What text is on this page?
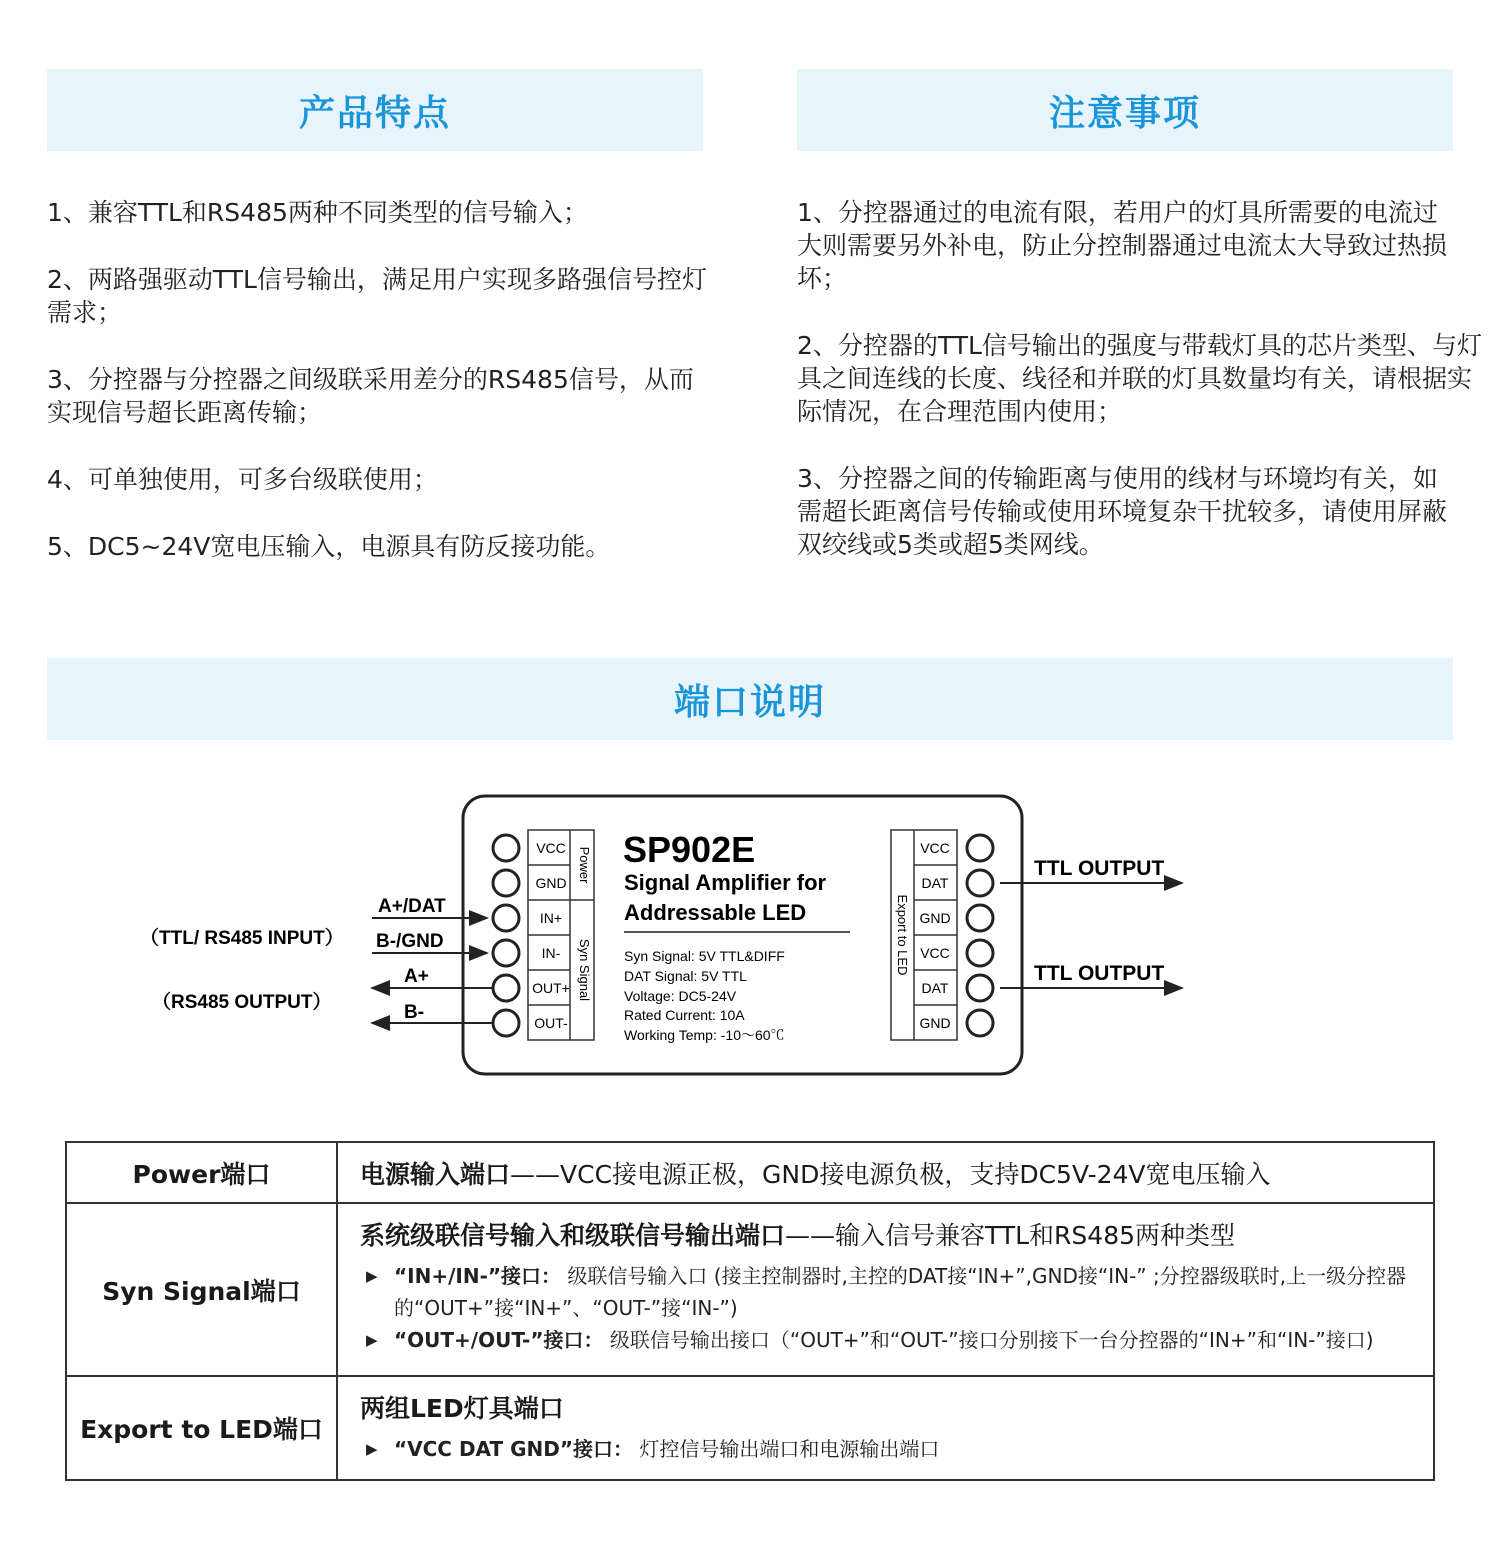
产品特点	注意事项

1、兼容TTL和RS485两种不同类型的信号输入；

2、两路强驱动TTL信号输出，满足用户实现多路强信号控灯需求；

3、分控器与分控器之间级联采用差分的RS485信号，从而实现信号超长距离传输；

4、可单独使用，可多台级联使用；

5、DC5~24V宽电压输入，电源具有防反接功能。

1、分控器通过的电流有限，若用户的灯具所需要的电流过大则需要另外补电，防止分控制器通过电流太大导致过热损坏；

2、分控器的TTL信号输出的强度与带载灯具的芯片类型、与灯具之间连线的长度、线径和并联的灯具数量均有关，请根据实际情况，在合理范围内使用；

3、分控器之间的传输距离与使用的线材与环境均有关，如需超长距离信号传输或使用环境复杂干扰较多，请使用屏蔽双绞线或5类或超5类网线。

端口说明
VCC
GND
IN+
IN-
OUT+
OUT-
Power
Syn Signal
VCC
DAT
GND
VCC
DAT
GND
Export to LED
SP902E
Signal Amplifier for
Addressable LED
Syn Signal: 5V TTL&DIFF
DAT Signal: 5V TTL
Voltage: DC5-24V
Rated Current: 10A
Working Temp: -10～60℃
A+/DAT
B-/GND
A+
B-
（TTL/ RS485 INPUT）
（RS485 OUTPUT）
TTL OUTPUT
TTL OUTPUT
Power端口	电源输入端口——VCC接电源正极，GND接电源负极，支持DC5V-24V宽电压输入

Syn Signal端口	系统级联信号输入和级联信号输出端口——输入信号兼容TTL和RS485两种类型
▶ “IN+/IN-”接口： 级联信号输入口 (接主控制器时,主控的DAT接“IN+”,GND接“IN-” ;分控器级联时,上一级分控器的“OUT+”接“IN+”、“OUT-”接“IN-”)
▶ “OUT+/OUT-”接口： 级联信号输出接口（“OUT+”和“OUT-”接口分别接下一台分控器的“IN+”和“IN-”接口)

Export to LED端口	两组LED灯具端口
▶ “VCC DAT GND”接口： 灯控信号输出端口和电源输出端口
